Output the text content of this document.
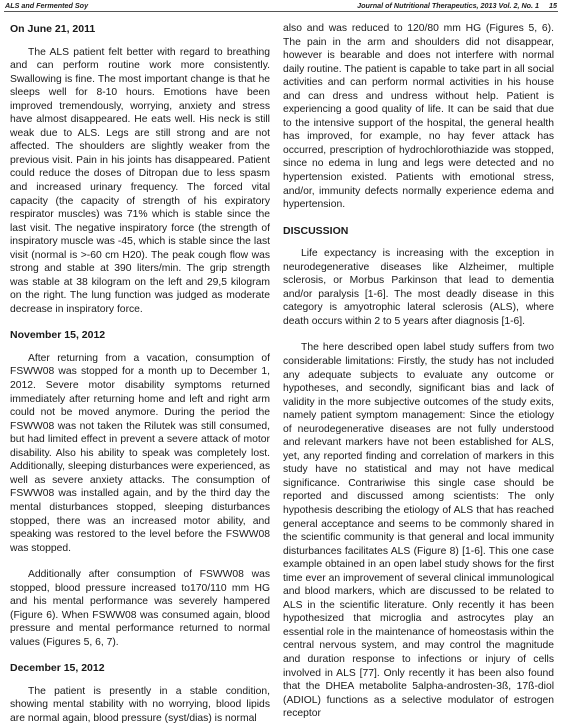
ALS and Fermented Soy	Journal of Nutritional Therapeutics, 2013 Vol. 2, No. 1     15
On June 21, 2011

The ALS patient felt better with regard to breathing and can perform routine work more consistently. Swallowing is fine. The most important change is that he sleeps well for 8-10 hours. Emotions have been improved tremendously, worrying, anxiety and stress have almost disappeared. He eats well. His neck is still weak due to ALS. Legs are still strong and are not affected. The shoulders are slightly weaker from the previous visit. Pain in his joints has disappeared. Patient could reduce the doses of Ditropan due to less spasm and increased urinary frequency. The forced vital capacity (the capacity of strength of his expiratory respirator muscles) was 71% which is stable since the last visit. The negative inspiratory force (the strength of inspiratory muscle was -45, which is stable since the last visit (normal is >-60 cm H20). The peak cough flow was strong and stable at 390 liters/min. The grip strength was stable at 38 kilogram on the left and 29,5 kilogram on the right. The lung function was judged as moderate decrease in inspiratory force.

November 15, 2012

After returning from a vacation, consumption of FSWW08 was stopped for a month up to December 1, 2012. Severe motor disability symptoms returned immediately after returning home and left and right arm could not be moved anymore. During the period the FSWW08 was not taken the Rilutek was still consumed, but had limited effect in prevent a severe attack of motor disability. Also his ability to speak was completely lost. Additionally, sleeping disturbances were experienced, as well as severe anxiety attacks. The consumption of FSWW08 was installed again, and by the third day the mental disturbances stopped, sleeping disturbances stopped, there was an increased motor ability, and speaking was restored to the level before the FSWW08 was stopped.

Additionally after consumption of FSWW08 was stopped, blood pressure increased to170/110 mm HG and his mental performance was severely hampered (Figure 6). When FSWW08 was consumed again, blood pressure and mental performance returned to normal values (Figures 5, 6, 7).

December 15, 2012

The patient is presently in a stable condition, showing mental stability with no worrying, blood lipids are normal again, blood pressure (syst/dias) is normal

also and was reduced to 120/80 mm HG (Figures 5, 6). The pain in the arm and shoulders did not disappear, however is bearable and does not interfere with normal daily routine. The patient is capable to take part in all social activities and can perform normal activities in his house and can dress and undress without help. Patient is experiencing a good quality of life. It can be said that due to the intensive support of the hospital, the general health has improved, for example, no hay fever attack has occurred, prescription of hydrochlorothiazide was stopped, since no edema in lung and legs were detected and no hypertension existed. Patients with emotional stress, and/or, immunity defects normally experience edema and hypertension.

DISCUSSION

Life expectancy is increasing with the exception in neurodegenerative diseases like Alzheimer, multiple sclerosis, or Morbus Parkinson that lead to dementia and/or paralysis [1-6]. The most deadly disease in this category is amyotrophic lateral sclerosis (ALS), where death occurs within 2 to 5 years after diagnosis [1-6].

The here described open label study suffers from two considerable limitations: Firstly, the study has not included any adequate subjects to evaluate any outcome or hypotheses, and secondly, significant bias and lack of validity in the more subjective outcomes of the study exits, namely patient symptom management: Since the etiology of neurodegenerative diseases are not fully understood and relevant markers have not been established for ALS, yet, any reported finding and correlation of markers in this study have no statistical and may not have medical significance. Contrariwise this single case should be reported and discussed among scientists: The only hypothesis describing the etiology of ALS that has reached general acceptance and seems to be commonly shared in the scientific community is that general and local immunity disturbances facilitates ALS (Figure 8) [1-6]. This one case example obtained in an open label study shows for the first time ever an improvement of several clinical immunological and blood markers, which are discussed to be related to ALS in the scientific literature. Only recently it has been hypothesized that microglia and astrocytes play an essential role in the maintenance of homeostasis within the central nervous system, and may control the magnitude and duration response to infections or injury of cells involved in ALS [77]. Only recently it has been also found that the DHEA metabolite 5alpha-androsten-3ß, 17ß-diol (ADIOL) functions as a selective modulator of estrogen receptor
